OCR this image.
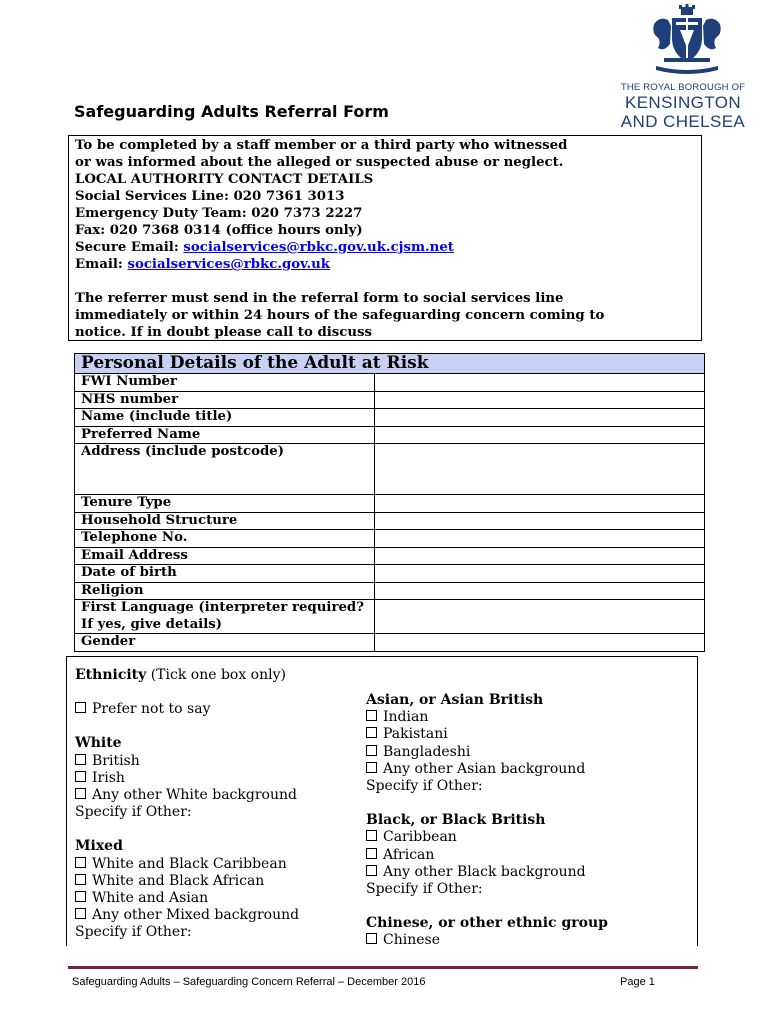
THE ROYAL BOROUGH OF
KENSINGTON
AND CHELSEA
Safeguarding Adults Referral Form
To be completed by a staff member or a third party who witnessed
or was informed about the alleged or suspected abuse or neglect.
LOCAL AUTHORITY CONTACT DETAILS
Social Services Line: 020 7361 3013
Emergency Duty Team: 020 7373 2227
Fax: 020 7368 0314 (office hours only)
Secure Email: socialservices@rbkc.gov.uk.cjsm.net
Email: socialservices@rbkc.gov.uk
The referrer must send in the referral form to social services line
immediately or within 24 hours of the safeguarding concern coming to
notice. If in doubt please call to discuss
Personal Details of the Adult at Risk	
FWI Number	
NHS number	
Name (include title)	
Preferred Name	
Address (include postcode)	
Tenure Type	
Household Structure	
Telephone No.	
Email Address	
Date of birth	
Religion	
First Language (interpreter required? If yes, give details)	
Gender	
Ethnicity (Tick one box only)
Prefer not to say
White
British
Irish
Any other White background
Specify if Other:
Mixed
White and Black Caribbean
White and Black African
White and Asian
Any other Mixed background
Specify if Other:
Asian, or Asian British
Indian
Pakistani
Bangladeshi
Any other Asian background
Specify if Other:
Black, or Black British
Caribbean
African
Any other Black background
Specify if Other:
Chinese, or other ethnic group
Chinese
Safeguarding Adults – Safeguarding Concern Referral – December 2016	Page 1
